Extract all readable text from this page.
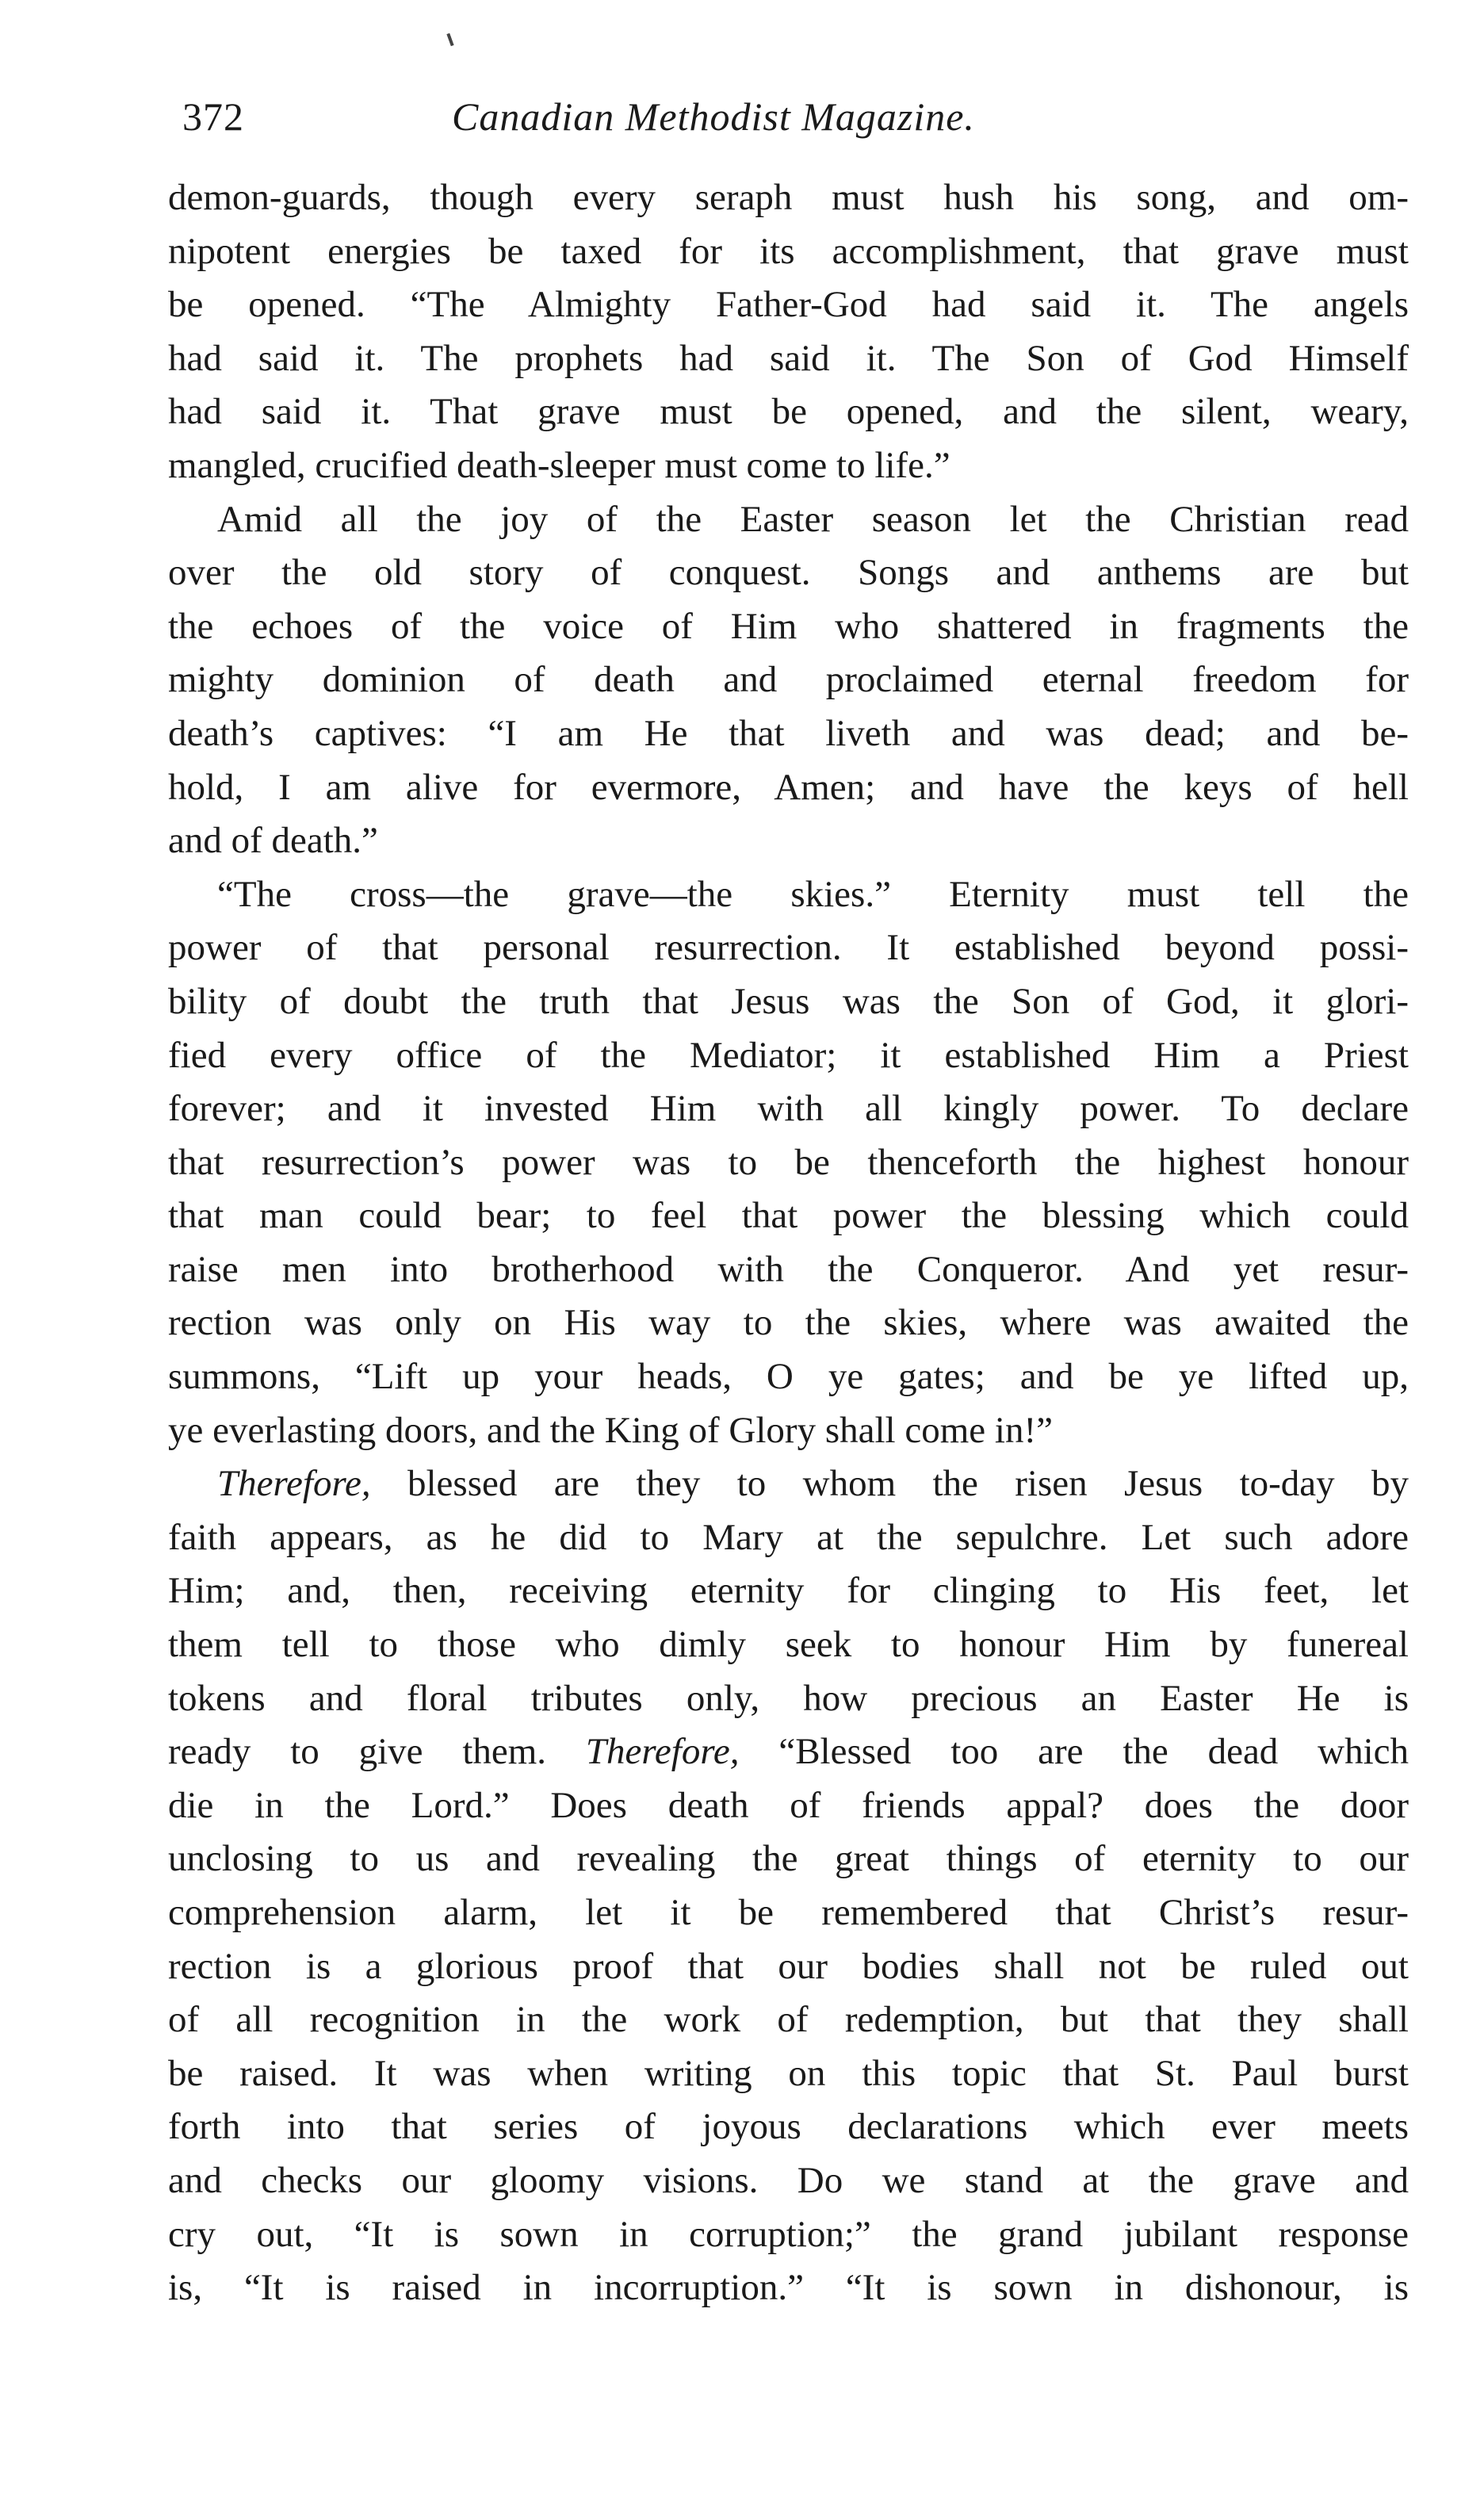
372	Canadian Methodist Magazine.
demon-guards, though every seraph must hush his song, and om-
nipotent energies be taxed for its accomplishment, that grave must
be opened. “The Almighty Father-God had said it. The angels
had said it. The prophets had said it. The Son of God Himself
had said it. That grave must be opened, and the silent, weary,
mangled, crucified death-sleeper must come to life.”
Amid all the joy of the Easter season let the Christian read
over the old story of conquest. Songs and anthems are but
the echoes of the voice of Him who shattered in fragments the
mighty dominion of death and proclaimed eternal freedom for
death’s captives: “I am He that liveth and was dead; and be-
hold, I am alive for evermore, Amen; and have the keys of hell
and of death.”
“The cross—the grave—the skies.” Eternity must tell the
power of that personal resurrection. It established beyond possi-
bility of doubt the truth that Jesus was the Son of God, it glori-
fied every office of the Mediator; it established Him a Priest
forever; and it invested Him with all kingly power. To declare
that resurrection’s power was to be thenceforth the highest honour
that man could bear; to feel that power the blessing which could
raise men into brotherhood with the Conqueror. And yet resur-
rection was only on His way to the skies, where was awaited the
summons, “Lift up your heads, O ye gates; and be ye lifted up,
ye everlasting doors, and the King of Glory shall come in!”
Therefore, blessed are they to whom the risen Jesus to-day by
faith appears, as he did to Mary at the sepulchre. Let such adore
Him; and, then, receiving eternity for clinging to His feet, let
them tell to those who dimly seek to honour Him by funereal
tokens and floral tributes only, how precious an Easter He is
ready to give them. Therefore, “Blessed too are the dead which
die in the Lord.” Does death of friends appal? does the door
unclosing to us and revealing the great things of eternity to our
comprehension alarm, let it be remembered that Christ’s resur-
rection is a glorious proof that our bodies shall not be ruled out
of all recognition in the work of redemption, but that they shall
be raised. It was when writing on this topic that St. Paul burst
forth into that series of joyous declarations which ever meets
and checks our gloomy visions. Do we stand at the grave and
cry out, “It is sown in corruption;” the grand jubilant response
is, “It is raised in incorruption.” “It is sown in dishonour, is
